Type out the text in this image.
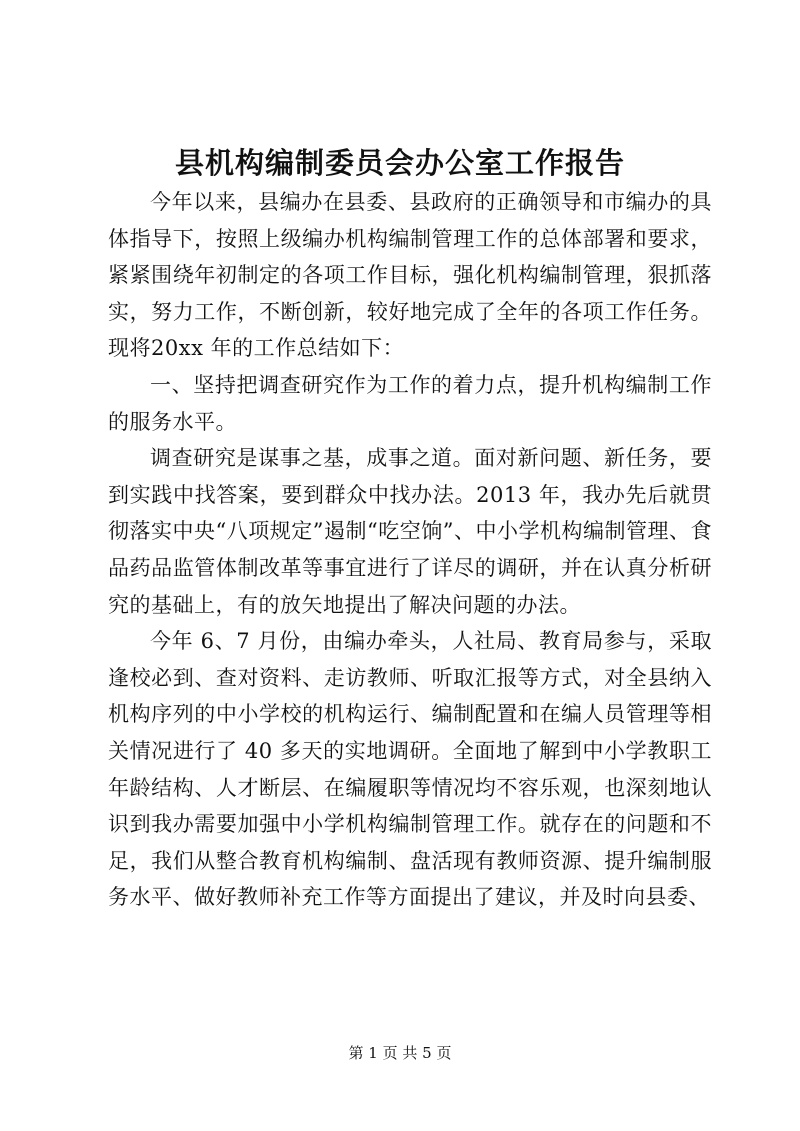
县机构编制委员会办公室工作报告

今年以来，县编办在县委、县政府的正确领导和市编办的具体指导下，按照上级编办机构编制管理工作的总体部署和要求，紧紧围绕年初制定的各项工作目标，强化机构编制管理，狠抓落实，努力工作，不断创新，较好地完成了全年的各项工作任务。现将20xx 年的工作总结如下：

一、坚持把调查研究作为工作的着力点，提升机构编制工作的服务水平。

调查研究是谋事之基，成事之道。面对新问题、新任务，要到实践中找答案，要到群众中找办法。2013 年，我办先后就贯彻落实中央“八项规定”遏制“吃空饷”、中小学机构编制管理、食品药品监管体制改革等事宜进行了详尽的调研，并在认真分析研究的基础上，有的放矢地提出了解决问题的办法。

今年 6、7 月份，由编办牵头，人社局、教育局参与，采取逢校必到、查对资料、走访教师、听取汇报等方式，对全县纳入机构序列的中小学校的机构运行、编制配置和在编人员管理等相关情况进行了 40 多天的实地调研。全面地了解到中小学教职工年龄结构、人才断层、在编履职等情况均不容乐观，也深刻地认识到我办需要加强中小学机构编制管理工作。就存在的问题和不足，我们从整合教育机构编制、盘活现有教师资源、提升编制服务水平、做好教师补充工作等方面提出了建议，并及时向县委、

第 1 页 共 5 页
